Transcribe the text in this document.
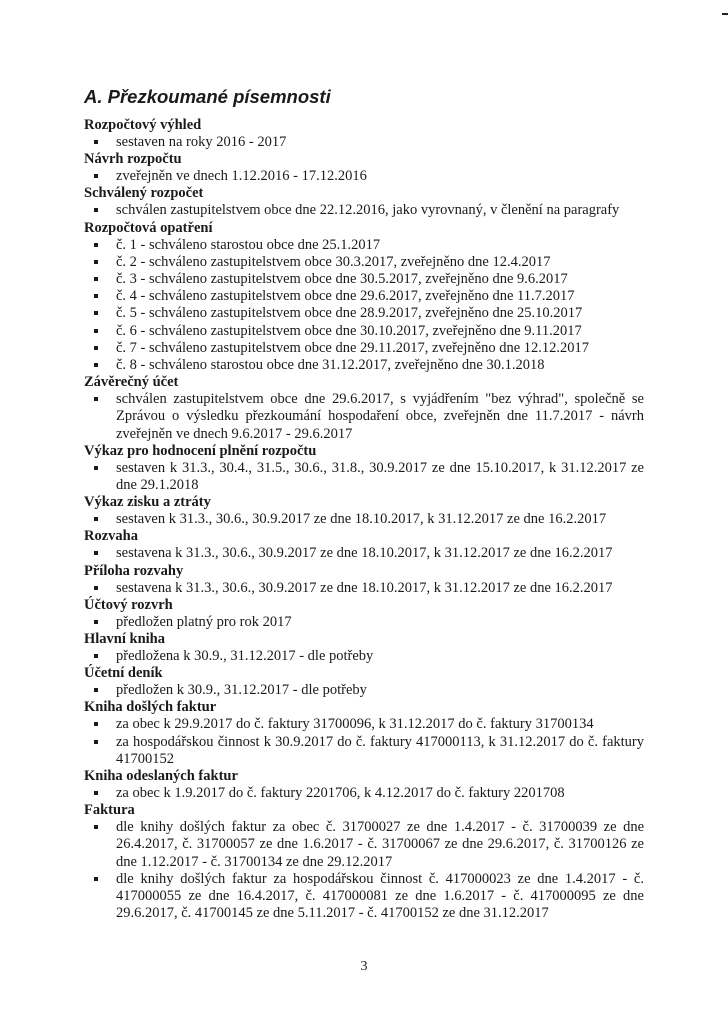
A. Přezkoumané písemnosti
Rozpočtový výhled
sestaven na roky 2016 - 2017
Návrh rozpočtu
zveřejněn ve dnech 1.12.2016 - 17.12.2016
Schválený rozpočet
schválen zastupitelstvem obce dne 22.12.2016, jako vyrovnaný, v členění na paragrafy
Rozpočtová opatření
č. 1 - schváleno starostou obce dne 25.1.2017
č. 2 - schváleno zastupitelstvem obce 30.3.2017, zveřejněno dne 12.4.2017
č. 3 - schváleno zastupitelstvem obce dne 30.5.2017, zveřejněno dne 9.6.2017
č. 4 - schváleno zastupitelstvem obce dne 29.6.2017, zveřejněno dne 11.7.2017
č. 5 - schváleno zastupitelstvem obce dne 28.9.2017, zveřejněno dne 25.10.2017
č. 6 - schváleno zastupitelstvem obce dne 30.10.2017, zveřejněno dne 9.11.2017
č. 7 - schváleno zastupitelstvem obce dne 29.11.2017, zveřejněno dne 12.12.2017
č. 8 - schváleno starostou obce dne 31.12.2017, zveřejněno dne 30.1.2018
Závěrečný účet
schválen zastupitelstvem obce dne 29.6.2017, s vyjádřením "bez výhrad", společně se Zprávou o výsledku přezkoumání hospodaření obce, zveřejněn dne 11.7.2017 - návrh zveřejněn ve dnech 9.6.2017 - 29.6.2017
Výkaz pro hodnocení plnění rozpočtu
sestaven k 31.3., 30.4., 31.5., 30.6., 31.8., 30.9.2017 ze dne 15.10.2017, k 31.12.2017 ze dne 29.1.2018
Výkaz zisku a ztráty
sestaven k 31.3., 30.6., 30.9.2017 ze dne 18.10.2017, k 31.12.2017 ze dne 16.2.2017
Rozvaha
sestavena k 31.3., 30.6., 30.9.2017 ze dne 18.10.2017, k 31.12.2017 ze dne 16.2.2017
Příloha rozvahy
sestavena k 31.3., 30.6., 30.9.2017 ze dne 18.10.2017, k 31.12.2017 ze dne 16.2.2017
Účtový rozvrh
předložen platný pro rok 2017
Hlavní kniha
předložena k 30.9., 31.12.2017 - dle potřeby
Účetní deník
předložen k 30.9., 31.12.2017 - dle potřeby
Kniha došlých faktur
za obec k 29.9.2017 do č. faktury 31700096, k 31.12.2017 do č. faktury 31700134
za hospodářskou činnost k 30.9.2017 do č. faktury 417000113, k 31.12.2017 do č. faktury 41700152
Kniha odeslaných faktur
za obec k 1.9.2017 do č. faktury 2201706, k 4.12.2017 do č. faktury 2201708
Faktura
dle knihy došlých faktur za obec č. 31700027 ze dne 1.4.2017 - č. 31700039 ze dne 26.4.2017, č. 31700057 ze dne 1.6.2017 - č. 31700067 ze dne 29.6.2017, č. 31700126 ze dne 1.12.2017 - č. 31700134 ze dne 29.12.2017
dle knihy došlých faktur za hospodářskou činnost č. 417000023 ze dne 1.4.2017 - č. 417000055 ze dne 16.4.2017, č. 417000081 ze dne 1.6.2017 - č. 417000095 ze dne 29.6.2017, č. 41700145 ze dne 5.11.2017 - č. 41700152 ze dne 31.12.2017
3
